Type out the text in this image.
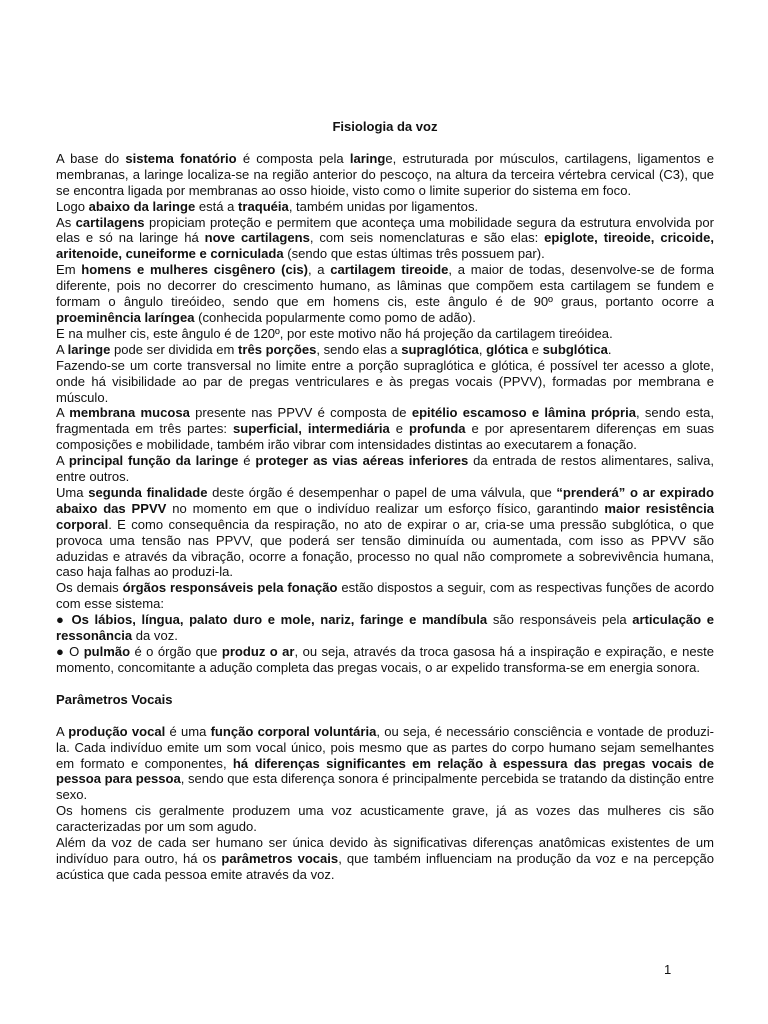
Fisiologia da voz

A base do sistema fonatório é composta pela laringe, estruturada por músculos, cartilagens, ligamentos e membranas, a laringe localiza-se na região anterior do pescoço, na altura da terceira vértebra cervical (C3), que se encontra ligada por membranas ao osso hioide, visto como o limite superior do sistema em foco.

Logo abaixo da laringe está a traquéia, também unidas por ligamentos.

As cartilagens propiciam proteção e permitem que aconteça uma mobilidade segura da estrutura envolvida por elas e só na laringe há nove cartilagens, com seis nomenclaturas e são elas: epiglote, tireoide, cricoide, aritenoide, cuneiforme e corniculada (sendo que estas últimas três possuem par).

Em homens e mulheres cisgênero (cis), a cartilagem tireoide, a maior de todas, desenvolve-se de forma diferente, pois no decorrer do crescimento humano, as lâminas que compõem esta cartilagem se fundem e formam o ângulo tireóideo, sendo que em homens cis, este ângulo é de 90º graus, portanto ocorre a proeminência laríngea (conhecida popularmente como pomo de adão).

E na mulher cis, este ângulo é de 120º, por este motivo não há projeção da cartilagem tireóidea.

A laringe pode ser dividida em três porções, sendo elas a supraglótica, glótica e subglótica.

Fazendo-se um corte transversal no limite entre a porção supraglótica e glótica, é possível ter acesso a glote, onde há visibilidade ao par de pregas ventriculares e às pregas vocais (PPVV), formadas por membrana e músculo.

A membrana mucosa presente nas PPVV é composta de epitélio escamoso e lâmina própria, sendo esta, fragmentada em três partes: superficial, intermediária e profunda e por apresentarem diferenças em suas composições e mobilidade, também irão vibrar com intensidades distintas ao executarem a fonação.

A principal função da laringe é proteger as vias aéreas inferiores da entrada de restos alimentares, saliva, entre outros.

Uma segunda finalidade deste órgão é desempenhar o papel de uma válvula, que “prenderá” o ar expirado abaixo das PPVV no momento em que o indivíduo realizar um esforço físico, garantindo maior resistência corporal. E como consequência da respiração, no ato de expirar o ar, cria-se uma pressão subglótica, o que provoca uma tensão nas PPVV, que poderá ser tensão diminuída ou aumentada, com isso as PPVV são aduzidas e através da vibração, ocorre a fonação, processo no qual não compromete a sobrevivência humana, caso haja falhas ao produzi-la.

Os demais órgãos responsáveis pela fonação estão dispostos a seguir, com as respectivas funções de acordo com esse sistema:

● Os lábios, língua, palato duro e mole, nariz, faringe e mandíbula são responsáveis pela articulação e ressonância da voz.

● O pulmão é o órgão que produz o ar, ou seja, através da troca gasosa há a inspiração e expiração, e neste momento, concomitante a adução completa das pregas vocais, o ar expelido transforma-se em energia sonora.

Parâmetros Vocais

A produção vocal é uma função corporal voluntária, ou seja, é necessário consciência e vontade de produzi-la. Cada indivíduo emite um som vocal único, pois mesmo que as partes do corpo humano sejam semelhantes em formato e componentes, há diferenças significantes em relação à espessura das pregas vocais de pessoa para pessoa, sendo que esta diferença sonora é principalmente percebida se tratando da distinção entre sexo.

Os homens cis geralmente produzem uma voz acusticamente grave, já as vozes das mulheres cis são caracterizadas por um som agudo.

Além da voz de cada ser humano ser única devido às significativas diferenças anatômicas existentes de um indivíduo para outro, há os parâmetros vocais, que também influenciam na produção da voz e na percepção acústica que cada pessoa emite através da voz.

1
